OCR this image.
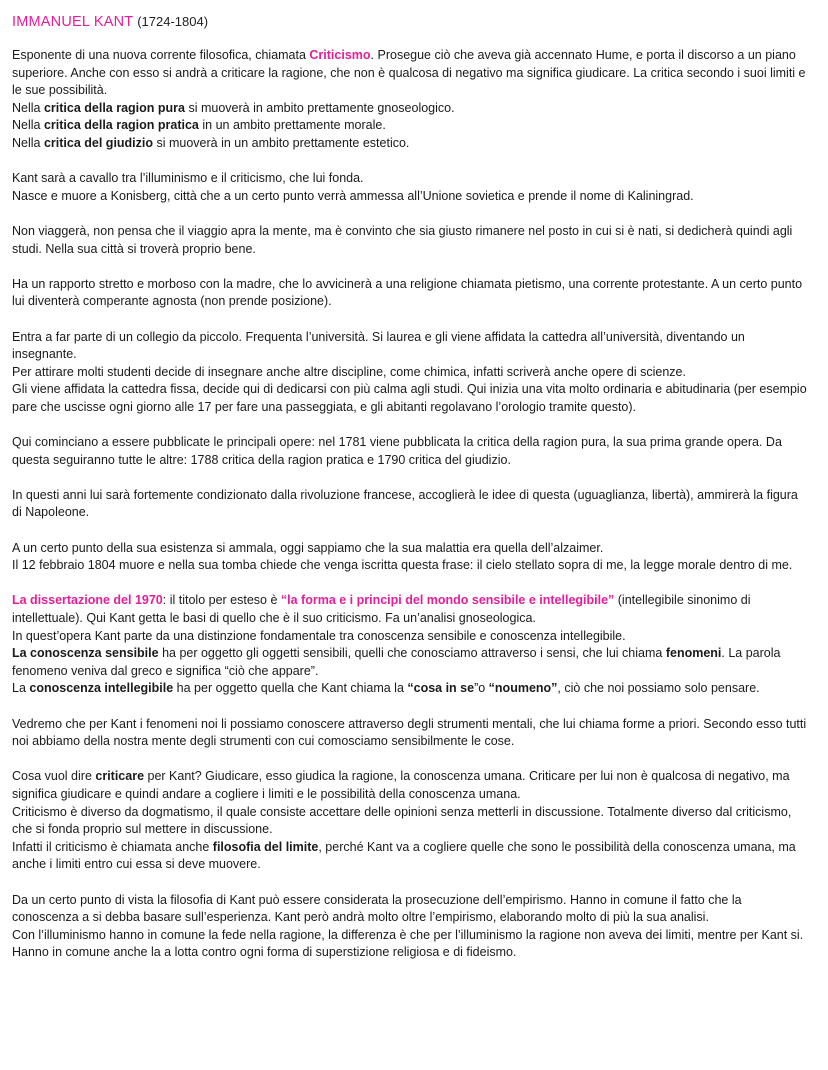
IMMANUEL KANT (1724-1804)

Esponente di una nuova corrente filosofica, chiamata Criticismo. Prosegue ciò che aveva già accennato Hume, e porta il discorso a un piano superiore. Anche con esso si andrà a criticare la ragione, che non è qualcosa di negativo ma significa giudicare. La critica secondo i suoi limiti e le sue possibilità.
Nella critica della ragion pura si muoverà in ambito prettamente gnoseologico.
Nella critica della ragion pratica in un ambito prettamente morale.
Nella critica del giudizio si muoverà in un ambito prettamente estetico.

Kant sarà a cavallo tra l’illuminismo e il criticismo, che lui fonda.
Nasce e muore a Konisberg, città che a un certo punto verrà ammessa all’Unione sovietica e prende il nome di Kaliningrad.

Non viaggerà, non pensa che il viaggio apra la mente, ma è convinto che sia giusto rimanere nel posto in cui si è nati, si dedicherà quindi agli studi. Nella sua città si troverà proprio bene.

Ha un rapporto stretto e morboso con la madre, che lo avvicinerà a una religione chiamata pietismo, una corrente protestante. A un certo punto lui diventerà comperante agnosta (non prende posizione).

Entra a far parte di un collegio da piccolo. Frequenta l’università. Si laurea e gli viene affidata la cattedra all’università, diventando un insegnante.
Per attirare molti studenti decide di insegnare anche altre discipline, come chimica, infatti scriverà anche opere di scienze.
Gli viene affidata la cattedra fissa, decide qui di dedicarsi con più calma agli studi. Qui inizia una vita molto ordinaria e abitudinaria (per esempio pare che uscisse ogni giorno alle 17 per fare una passeggiata, e gli abitanti regolavano l’orologio tramite questo).

Qui cominciano a essere pubblicate le principali opere: nel 1781 viene pubblicata la critica della ragion pura, la sua prima grande opera. Da questa seguiranno tutte le altre: 1788 critica della ragion pratica e 1790 critica del giudizio.

In questi anni lui sarà fortemente condizionato dalla rivoluzione francese, accoglierà le idee di questa (uguaglianza, libertà), ammirerà la figura di Napoleone.

A un certo punto della sua esistenza si ammala, oggi sappiamo che la sua malattia era quella dell’alzaimer.
Il 12 febbraio 1804 muore e nella sua tomba chiede che venga iscritta questa frase: il cielo stellato sopra di me, la legge morale dentro di me.

La dissertazione del 1970: il titolo per esteso è “la forma e i principi del mondo sensibile e intellegibile” (intellegibile sinonimo di intellettuale). Qui Kant getta le basi di quello che è il suo criticismo. Fa un’analisi gnoseologica.
In quest’opera Kant parte da una distinzione fondamentale tra conoscenza sensibile e conoscenza intellegibile.
La conoscenza sensibile ha per oggetto gli oggetti sensibili, quelli che conosciamo attraverso i sensi, che lui chiama fenomeni. La parola fenomeno veniva dal greco e significa “ciò che appare”.
La conoscenza intellegibile ha per oggetto quella che Kant chiama la “cosa in se”o “noumeno”, ciò che noi possiamo solo pensare.

Vedremo che per Kant i fenomeni noi li possiamo conoscere attraverso degli strumenti mentali, che lui chiama forme a priori. Secondo esso tutti noi abbiamo della nostra mente degli strumenti con cui comosciamo sensibilmente le cose.

Cosa vuol dire criticare per Kant? Giudicare, esso giudica la ragione, la conoscenza umana. Criticare per lui non è qualcosa di negativo, ma significa giudicare e quindi andare a cogliere i limiti e le possibilità della conoscenza umana.
Criticismo è diverso da dogmatismo, il quale consiste accettare delle opinioni senza metterli in discussione. Totalmente diverso dal criticismo, che si fonda proprio sul mettere in discussione.
Infatti il criticismo è chiamata anche filosofia del limite, perché Kant va a cogliere quelle che sono le possibilità della conoscenza umana, ma anche i limiti entro cui essa si deve muovere.

Da un certo punto di vista la filosofia di Kant può essere considerata la prosecuzione dell’empirismo. Hanno in comune il fatto che la conoscenza a si debba basare sull’esperienza. Kant però andrà molto oltre l’empirismo, elaborando molto di più la sua analisi.
Con l’illuminismo hanno in comune la fede nella ragione, la differenza è che per l’illuminismo la ragione non aveva dei limiti, mentre per Kant si. Hanno in comune anche la a lotta contro ogni forma di superstizione religiosa e di fideismo.
